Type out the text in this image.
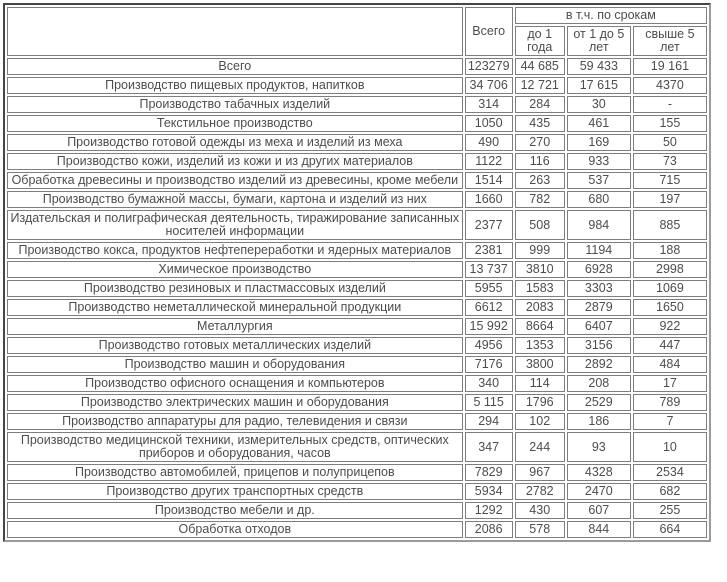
	Всего	в т.ч. по срокам		
		до 1 года	от 1 до 5 лет	свыше 5 лет
Всего	123279	44 685	59 433	19 161
Производство пищевых продуктов, напитков	34 706	12 721	17 615	4370
Производство табачных изделий	314	284	30	-
Текстильное производство	1050	435	461	155
Производство готовой одежды из меха и изделий из меха	490	270	169	50
Производство кожи, изделий из кожи и из других материалов	1122	116	933	73
Обработка древесины и производство изделий из древесины, кроме мебели	1514	263	537	715
Производство бумажной массы, бумаги, картона и изделий из них	1660	782	680	197
Издательская и полиграфическая деятельность, тиражирование записанных носителей информации	2377	508	984	885
Производство кокса, продуктов нефтепереработки и ядерных материалов	2381	999	1194	188
Химическое производство	13 737	3810	6928	2998
Производство резиновых и пластмассовых изделий	5955	1583	3303	1069
Производство неметаллической минеральной продукции	6612	2083	2879	1650
Металлургия	15 992	8664	6407	922
Производство готовых металлических изделий	4956	1353	3156	447
Производство машин и оборудования	7176	3800	2892	484
Производство офисного оснащения и компьютеров	340	114	208	17
Производство электрических машин и оборудования	5 115	1796	2529	789
Производство аппаратуры для радио, телевидения и связи	294	102	186	7
Производство медицинской техники, измерительных средств, оптических приборов и оборудования, часов	347	244	93	10
Производство автомобилей, прицепов и полуприцепов	7829	967	4328	2534
Производство других транспортных средств	5934	2782	2470	682
Производство мебели и др.	1292	430	607	255
Обработка отходов	2086	578	844	664
